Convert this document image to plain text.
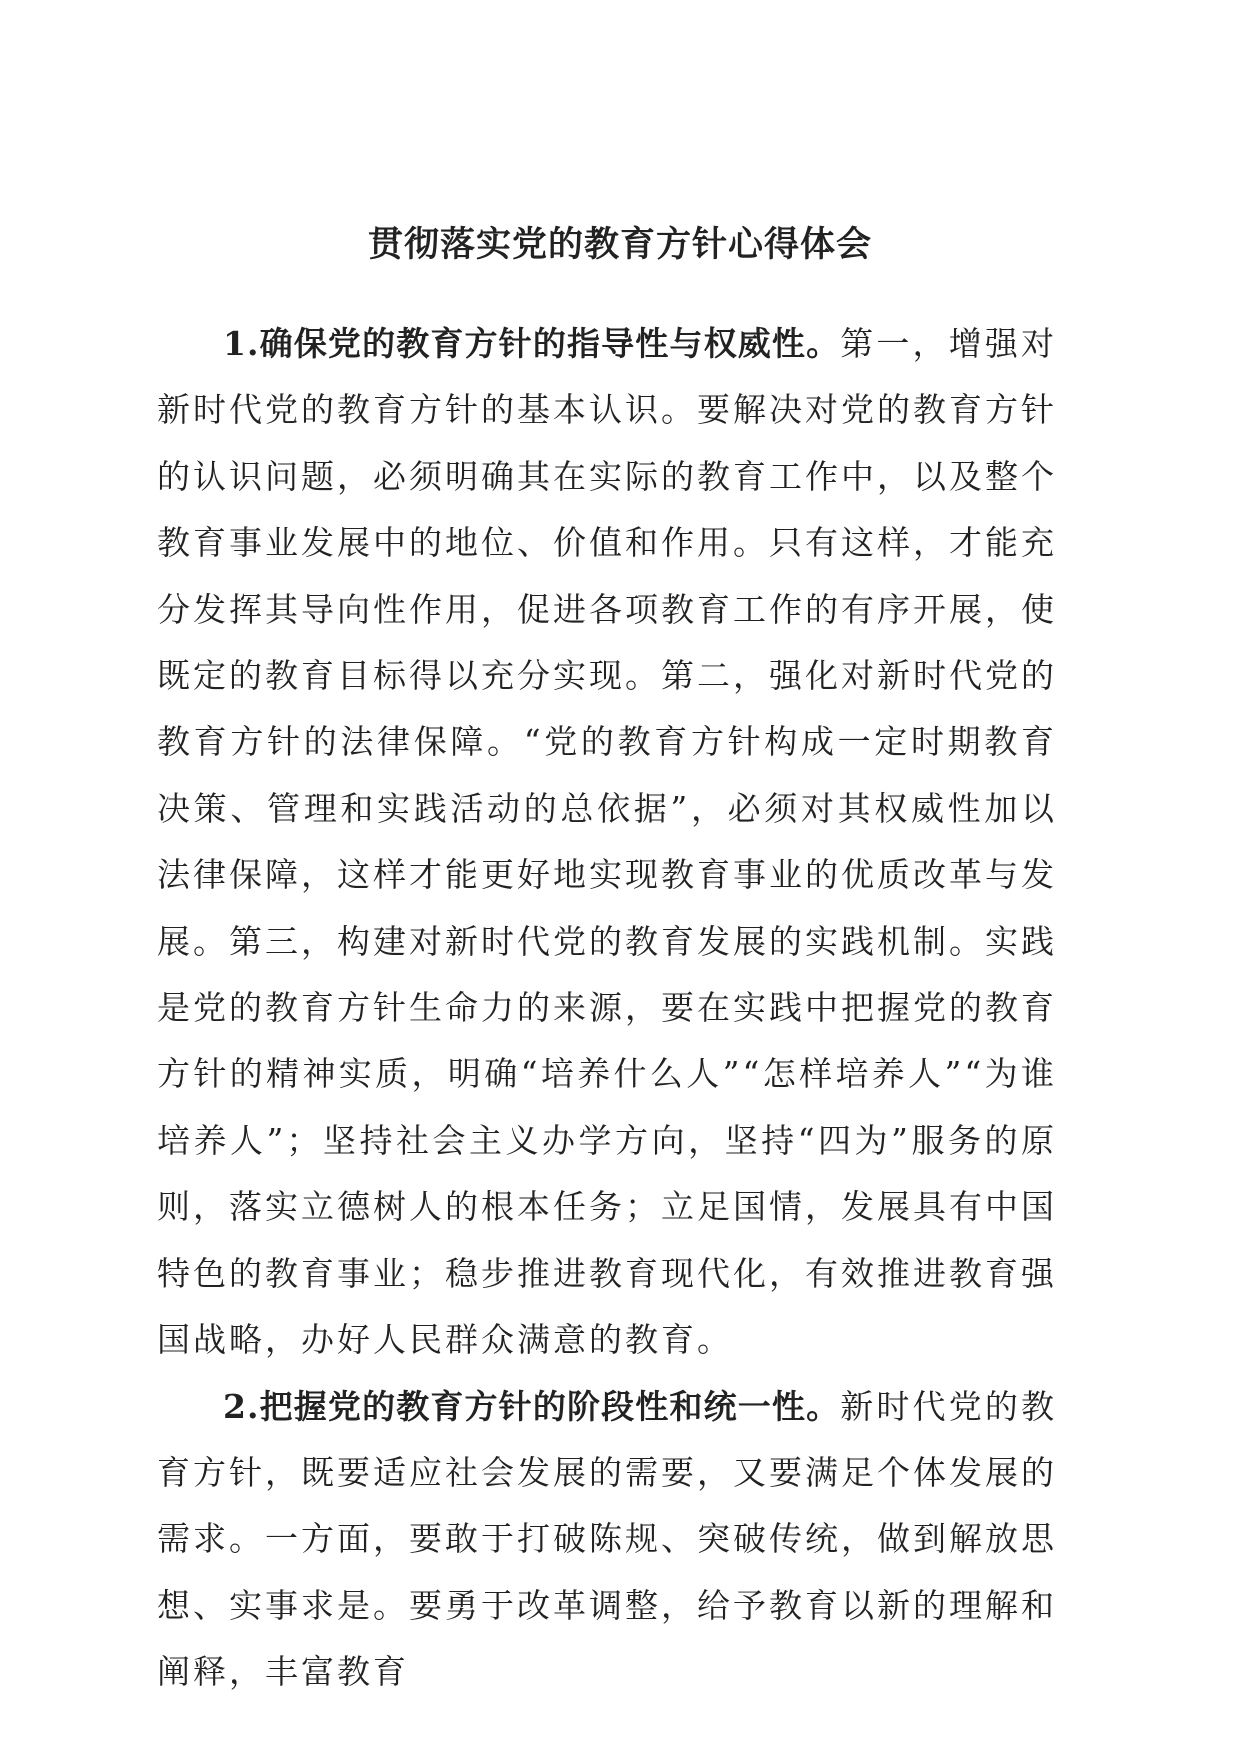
贯彻落实党的教育方针心得体会

1.确保党的教育方针的指导性与权威性。第一，增强对新时代党的教育方针的基本认识。要解决对党的教育方针的认识问题，必须明确其在实际的教育工作中，以及整个教育事业发展中的地位、价值和作用。只有这样，才能充分发挥其导向性作用，促进各项教育工作的有序开展，使既定的教育目标得以充分实现。第二，强化对新时代党的教育方针的法律保障。“党的教育方针构成一定时期教育决策、管理和实践活动的总依据”，必须对其权威性加以法律保障，这样才能更好地实现教育事业的优质改革与发展。第三，构建对新时代党的教育发展的实践机制。实践是党的教育方针生命力的来源，要在实践中把握党的教育方针的精神实质，明确“培养什么人”“怎样培养人”“为谁培养人”；坚持社会主义办学方向，坚持“四为”服务的原则，落实立德树人的根本任务；立足国情，发展具有中国特色的教育事业；稳步推进教育现代化，有效推进教育强国战略，办好人民群众满意的教育。

2.把握党的教育方针的阶段性和统一性。新时代党的教育方针，既要适应社会发展的需要，又要满足个体发展的需求。一方面，要敢于打破陈规、突破传统，做到解放思想、实事求是。要勇于改革调整，给予教育以新的理解和阐释，丰富教育
